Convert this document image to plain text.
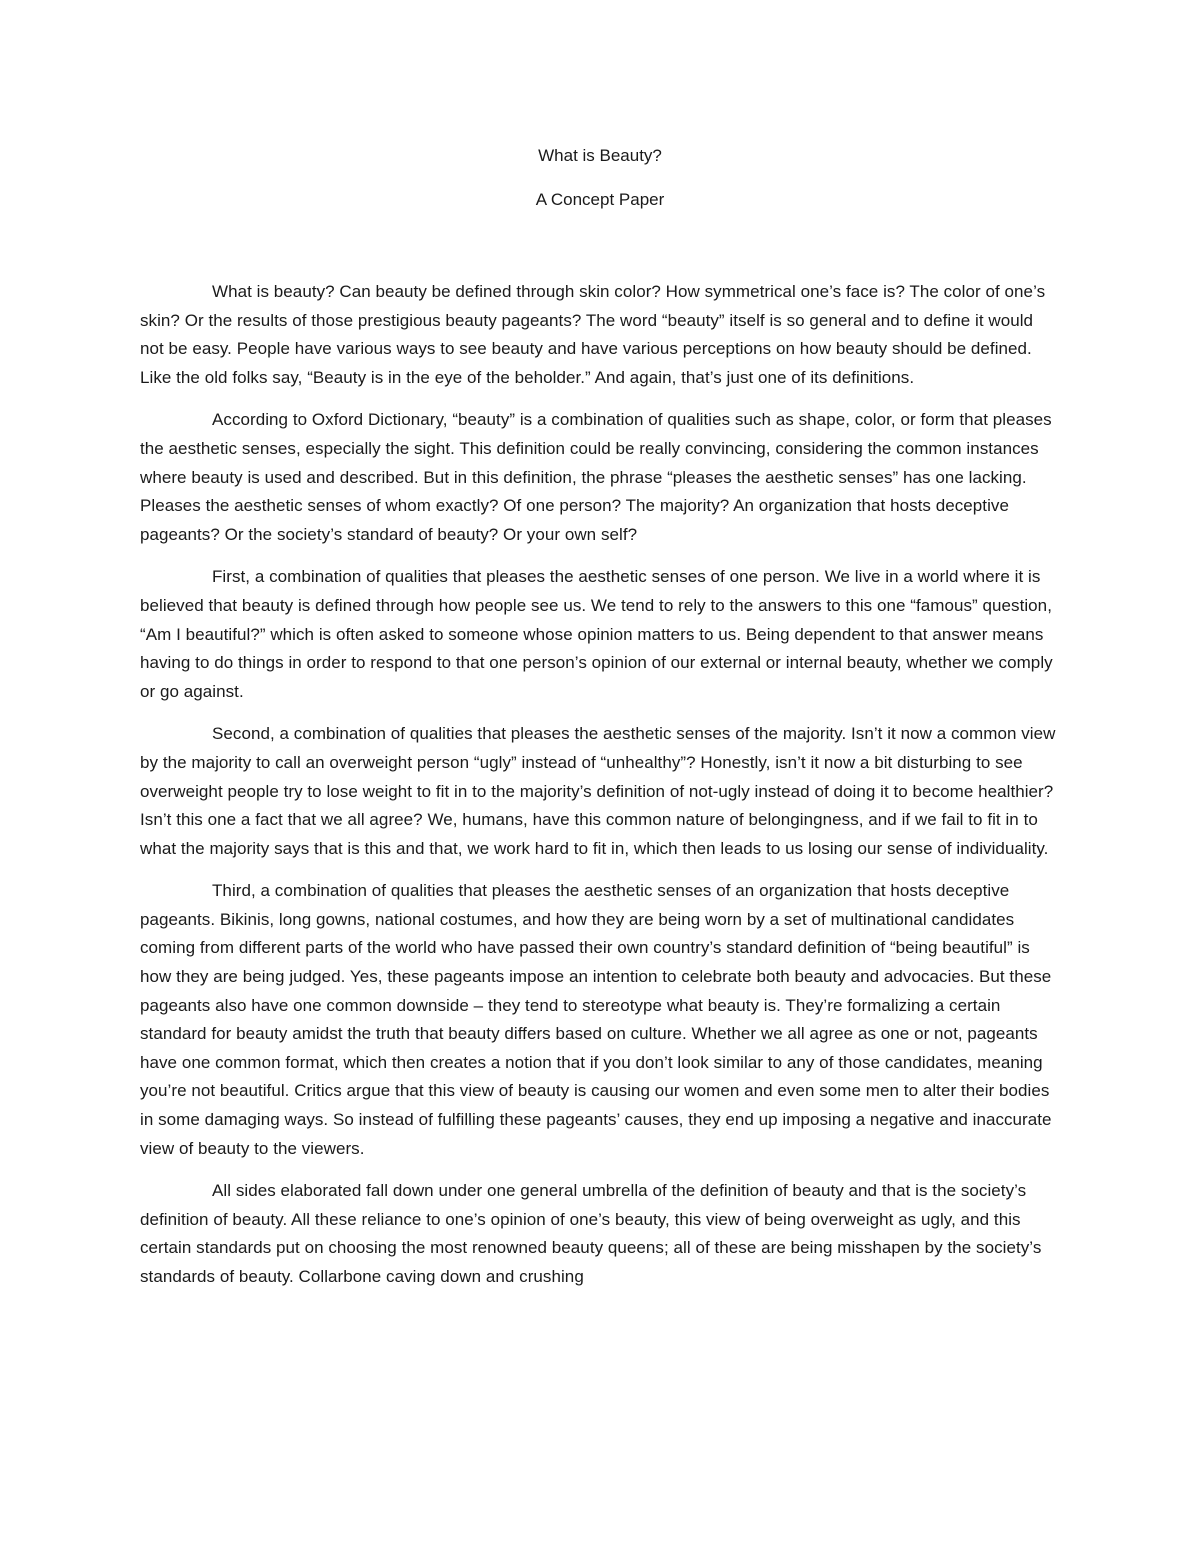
What is Beauty?

A Concept Paper

What is beauty? Can beauty be defined through skin color? How symmetrical one’s face is? The color of one’s skin? Or the results of those prestigious beauty pageants? The word “beauty” itself is so general and to define it would not be easy. People have various ways to see beauty and have various perceptions on how beauty should be defined. Like the old folks say, “Beauty is in the eye of the beholder.” And again, that’s just one of its definitions.

According to Oxford Dictionary, “beauty” is a combination of qualities such as shape, color, or form that pleases the aesthetic senses, especially the sight. This definition could be really convincing, considering the common instances where beauty is used and described. But in this definition, the phrase “pleases the aesthetic senses” has one lacking. Pleases the aesthetic senses of whom exactly? Of one person? The majority? An organization that hosts deceptive pageants? Or the society’s standard of beauty? Or your own self?

First, a combination of qualities that pleases the aesthetic senses of one person. We live in a world where it is believed that beauty is defined through how people see us. We tend to rely to the answers to this one “famous” question, “Am I beautiful?” which is often asked to someone whose opinion matters to us. Being dependent to that answer means having to do things in order to respond to that one person’s opinion of our external or internal beauty, whether we comply or go against.

Second, a combination of qualities that pleases the aesthetic senses of the majority. Isn’t it now a common view by the majority to call an overweight person “ugly” instead of “unhealthy”? Honestly, isn’t it now a bit disturbing to see overweight people try to lose weight to fit in to the majority’s definition of not-ugly instead of doing it to become healthier? Isn’t this one a fact that we all agree? We, humans, have this common nature of belongingness, and if we fail to fit in to what the majority says that is this and that, we work hard to fit in, which then leads to us losing our sense of individuality.

Third, a combination of qualities that pleases the aesthetic senses of an organization that hosts deceptive pageants. Bikinis, long gowns, national costumes, and how they are being worn by a set of multinational candidates coming from different parts of the world who have passed their own country’s standard definition of “being beautiful” is how they are being judged. Yes, these pageants impose an intention to celebrate both beauty and advocacies. But these pageants also have one common downside – they tend to stereotype what beauty is. They’re formalizing a certain standard for beauty amidst the truth that beauty differs based on culture. Whether we all agree as one or not, pageants have one common format, which then creates a notion that if you don’t look similar to any of those candidates, meaning you’re not beautiful. Critics argue that this view of beauty is causing our women and even some men to alter their bodies in some damaging ways. So instead of fulfilling these pageants’ causes, they end up imposing a negative and inaccurate view of beauty to the viewers.

All sides elaborated fall down under one general umbrella of the definition of beauty and that is the society’s definition of beauty. All these reliance to one’s opinion of one’s beauty, this view of being overweight as ugly, and this certain standards put on choosing the most renowned beauty queens; all of these are being misshapen by the society’s standards of beauty. Collarbone caving down and crushing
